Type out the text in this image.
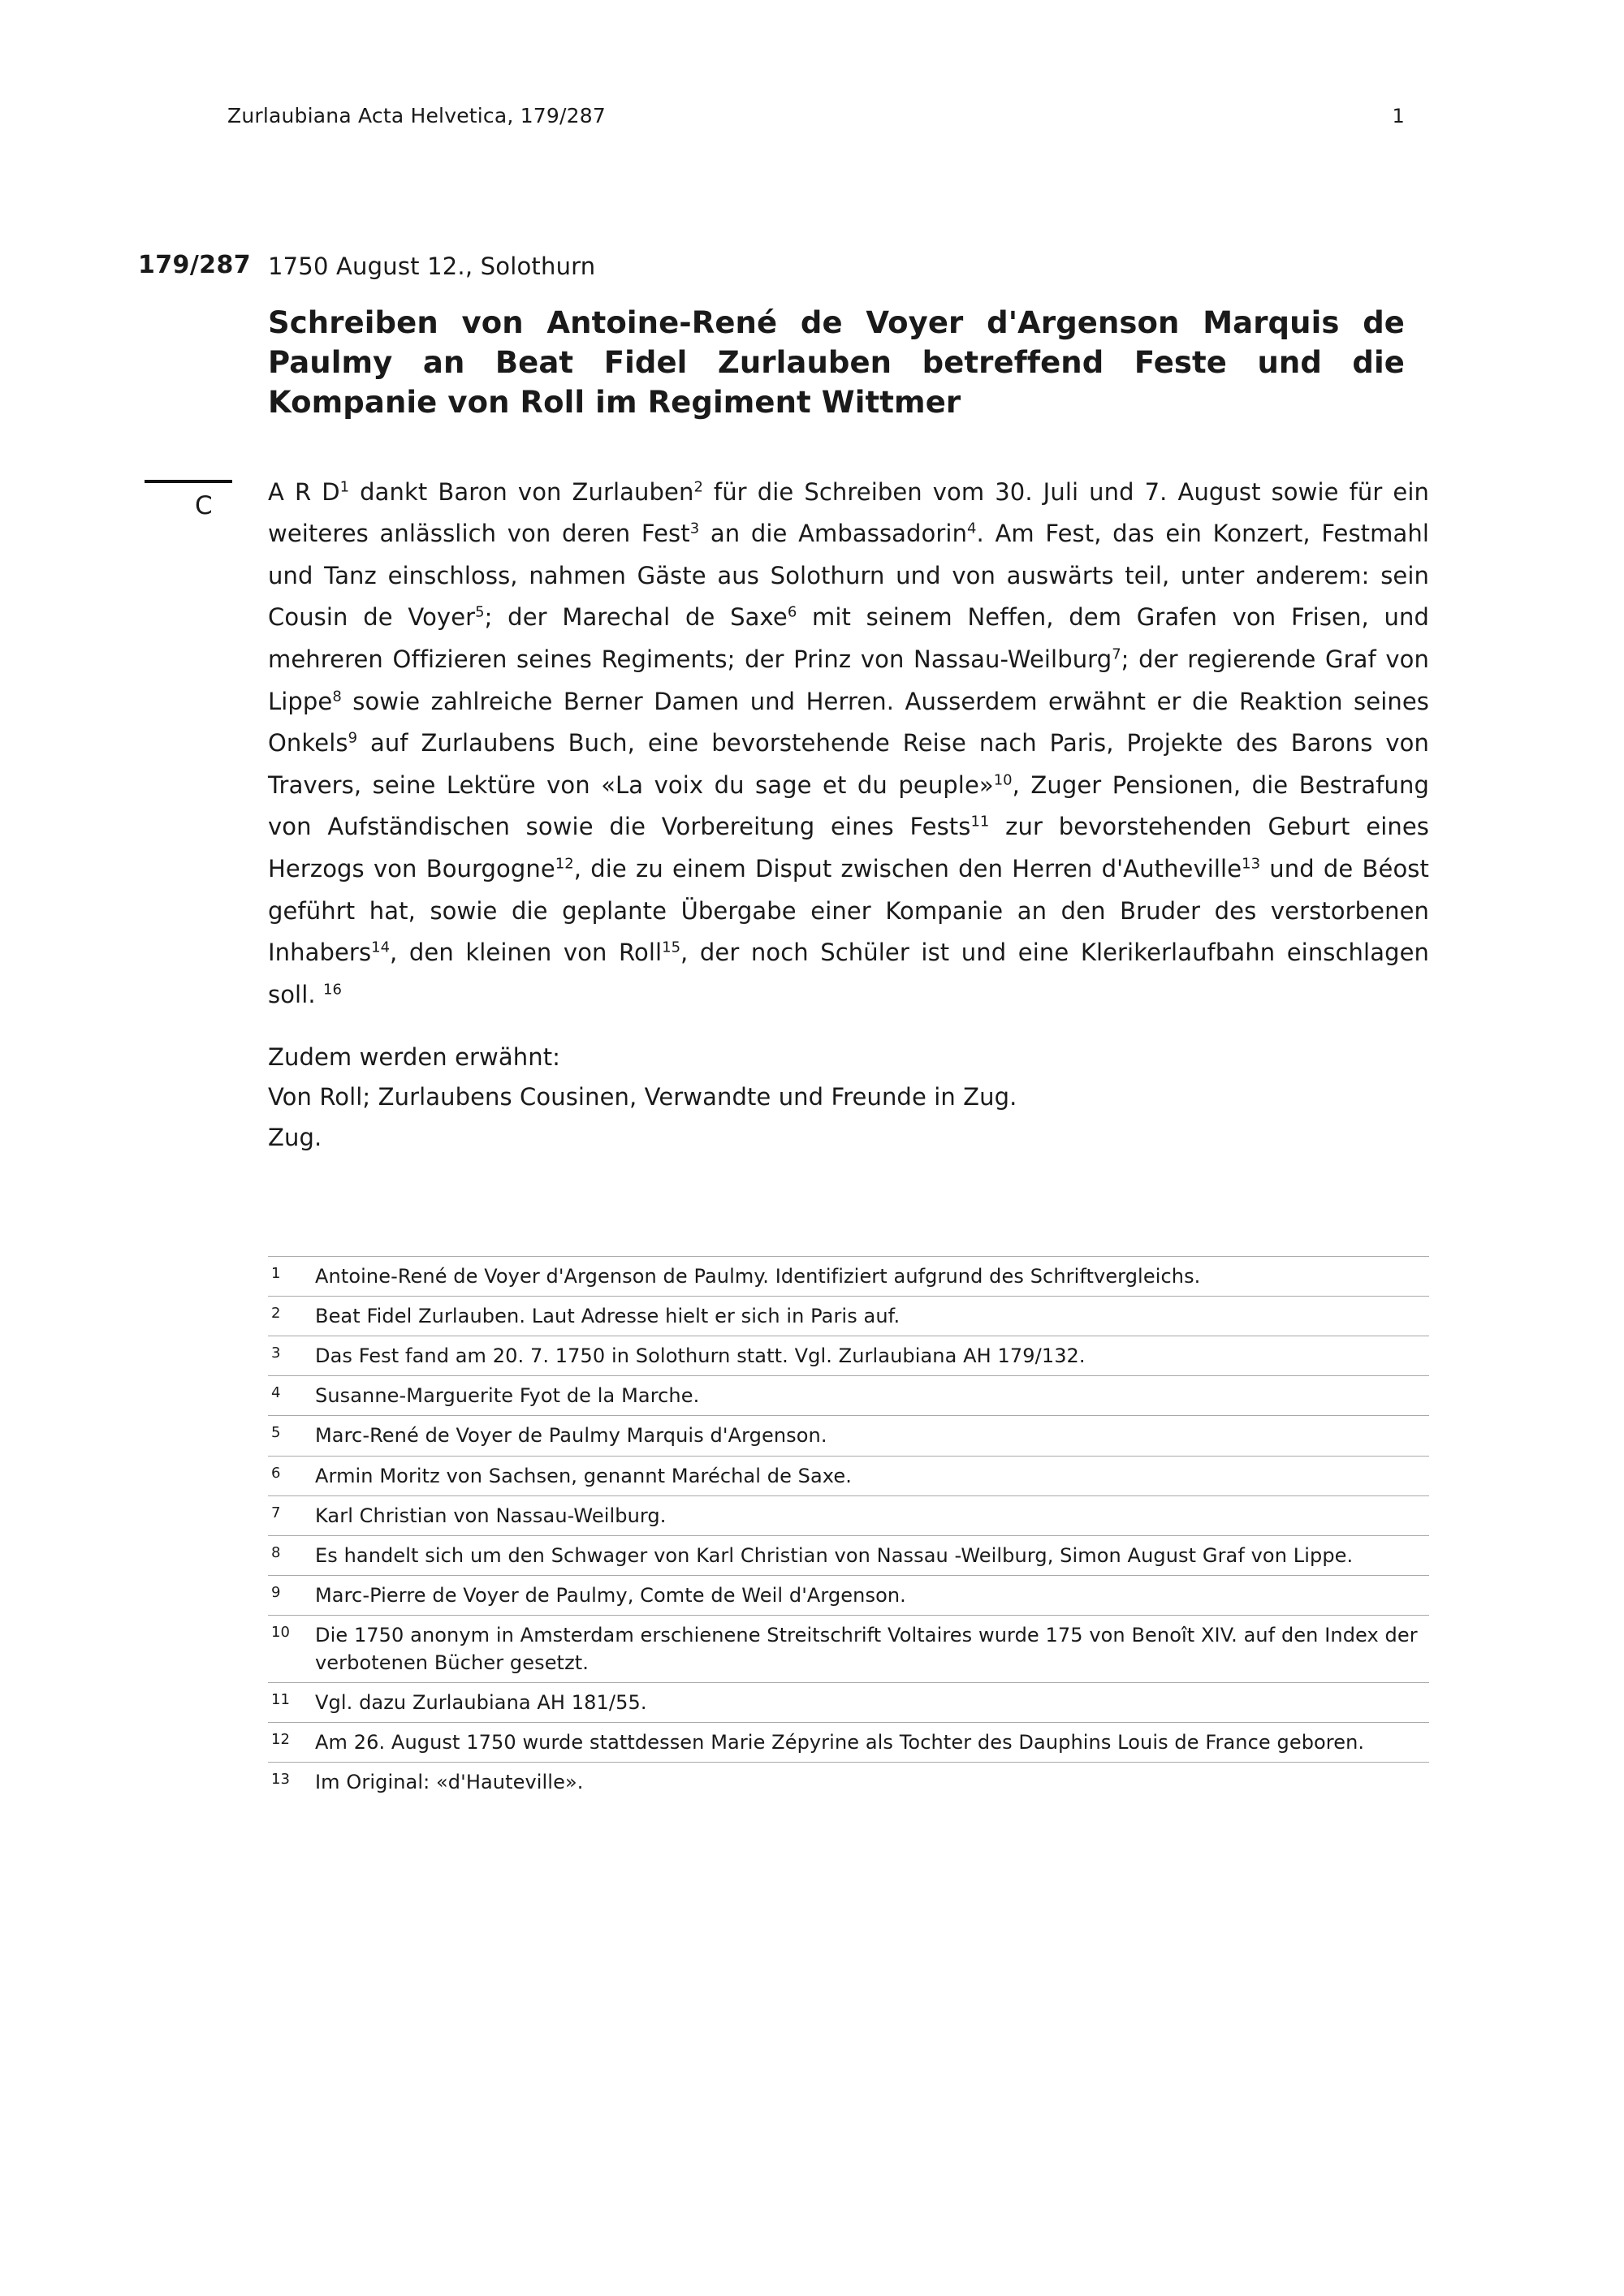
Zurlaubiana Acta Helvetica, 179/287	1
179/287 1750 August 12., Solothurn
Schreiben von Antoine-René de Voyer d'Argenson Marquis de Paulmy an Beat Fidel Zurlauben betreffend Feste und die Kompanie von Roll im Regiment Wittmer
C A R D$^1$ dankt Baron von Zurlauben$^2$ für die Schreiben vom 30. Juli und 7. August sowie für ein weiteres anlässlich von deren Fest$^3$ an die Ambassadorin$^4$. Am Fest, das ein Konzert, Festmahl und Tanz einschloss, nahmen Gäste aus Solothurn und von auswärts teil, unter anderem: sein Cousin de Voyer$^5$; der Marechal de Saxe$^6$ mit seinem Neffen, dem Grafen von Frisen, und mehreren Offizieren seines Regiments; der Prinz von Nassau-Weilburg$^7$; der regierende Graf von Lippe$^8$ sowie zahlreiche Berner Damen und Herren. Ausserdem erwähnt er die Reaktion seines Onkels$^9$ auf Zurlaubens Buch, eine bevorstehende Reise nach Paris, Projekte des Barons von Travers, seine Lektüre von «La voix du sage et du peuple»$^{10}$, Zuger Pensionen, die Bestrafung von Aufständischen sowie die Vorbereitung eines Fests$^{11}$ zur bevorstehenden Geburt eines Herzogs von Bourgogne$^{12}$, die zu einem Disput zwischen den Herren d'Autheville$^{13}$ und de Béost geführt hat, sowie die geplante Übergabe einer Kompanie an den Bruder des verstorbenen Inhabers$^{14}$, den kleinen von Roll$^{15}$, der noch Schüler ist und eine Klerikerlaufbahn einschlagen soll. $^{16}$

Zudem werden erwähnt:
Von Roll; Zurlaubens Cousinen, Verwandte und Freunde in Zug.
Zug.
1	Antoine-René de Voyer d'Argenson de Paulmy. Identifiziert aufgrund des Schriftvergleichs.
2	Beat Fidel Zurlauben. Laut Adresse hielt er sich in Paris auf.
3	Das Fest fand am 20. 7. 1750 in Solothurn statt. Vgl. Zurlaubiana AH 179/132.
4	Susanne-Marguerite Fyot de la Marche.
5	Marc-René de Voyer de Paulmy Marquis d'Argenson.
6	Armin Moritz von Sachsen, genannt Maréchal de Saxe.
7	Karl Christian von Nassau-Weilburg.
8	Es handelt sich um den Schwager von Karl Christian von Nassau -Weilburg, Simon August Graf von Lippe.
9	Marc-Pierre de Voyer de Paulmy, Comte de Weil d'Argenson.
10	Die 1750 anonym in Amsterdam erschienene Streitschrift Voltaires wurde 175 von Benoît XIV. auf den Index der verbotenen Bücher gesetzt.
11	Vgl. dazu Zurlaubiana AH 181/55.
12	Am 26. August 1750 wurde stattdessen Marie Zépyrine als Tochter des Dauphins Louis de France geboren.
13	Im Original: «d'Hauteville».
